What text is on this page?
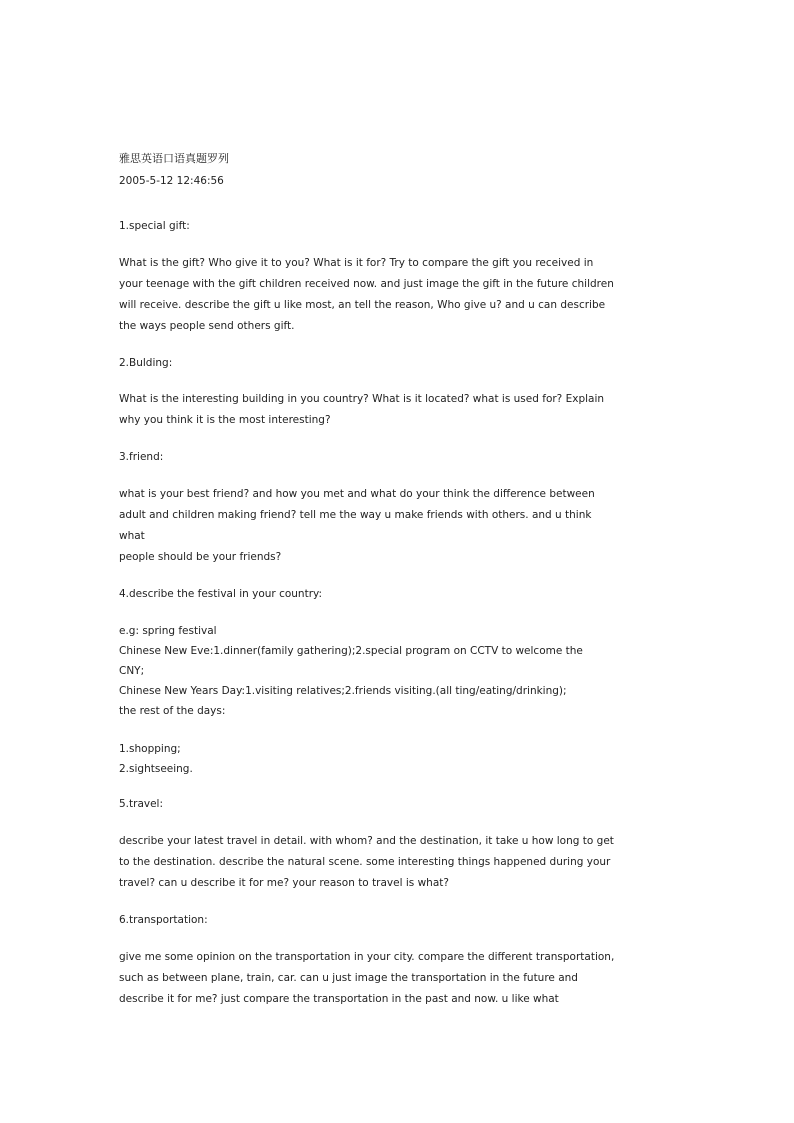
雅思英语口语真题罗列

2005-5-12 12:46:56

1.special gift:

What is the gift? Who give it to you? What is it for? Try to compare the gift you received in
your teenage with the gift children received now. and just image the gift in the future children
will receive. describe the gift u like most, an tell the reason, Who give u? and u can describe
the ways people send others gift.

2.Bulding:

What is the interesting building in you country? What is it located? what is used for? Explain
why you think it is the most interesting?

3.friend:

what is your best friend? and how you met and what do your think the difference between
adult and children making friend? tell me the way u make friends with others. and u think what
people should be your friends?

4.describe the festival in your country:

e.g: spring festival
Chinese New Eve:1.dinner(family gathering);2.special program on CCTV to welcome the CNY;
Chinese New Years Day:1.visiting relatives;2.friends visiting.(all ting/eating/drinking);
the rest of the days:
1.shopping;
2.sightseeing.

5.travel:

describe your latest travel in detail. with whom? and the destination, it take u how long to get
to the destination. describe the natural scene. some interesting things happened during your
travel? can u describe it for me? your reason to travel is what?

6.transportation:

give me some opinion on the transportation in your city. compare the different transportation,
such as between plane, train, car. can u just image the transportation in the future and
describe it for me? just compare the transportation in the past and now. u like what
